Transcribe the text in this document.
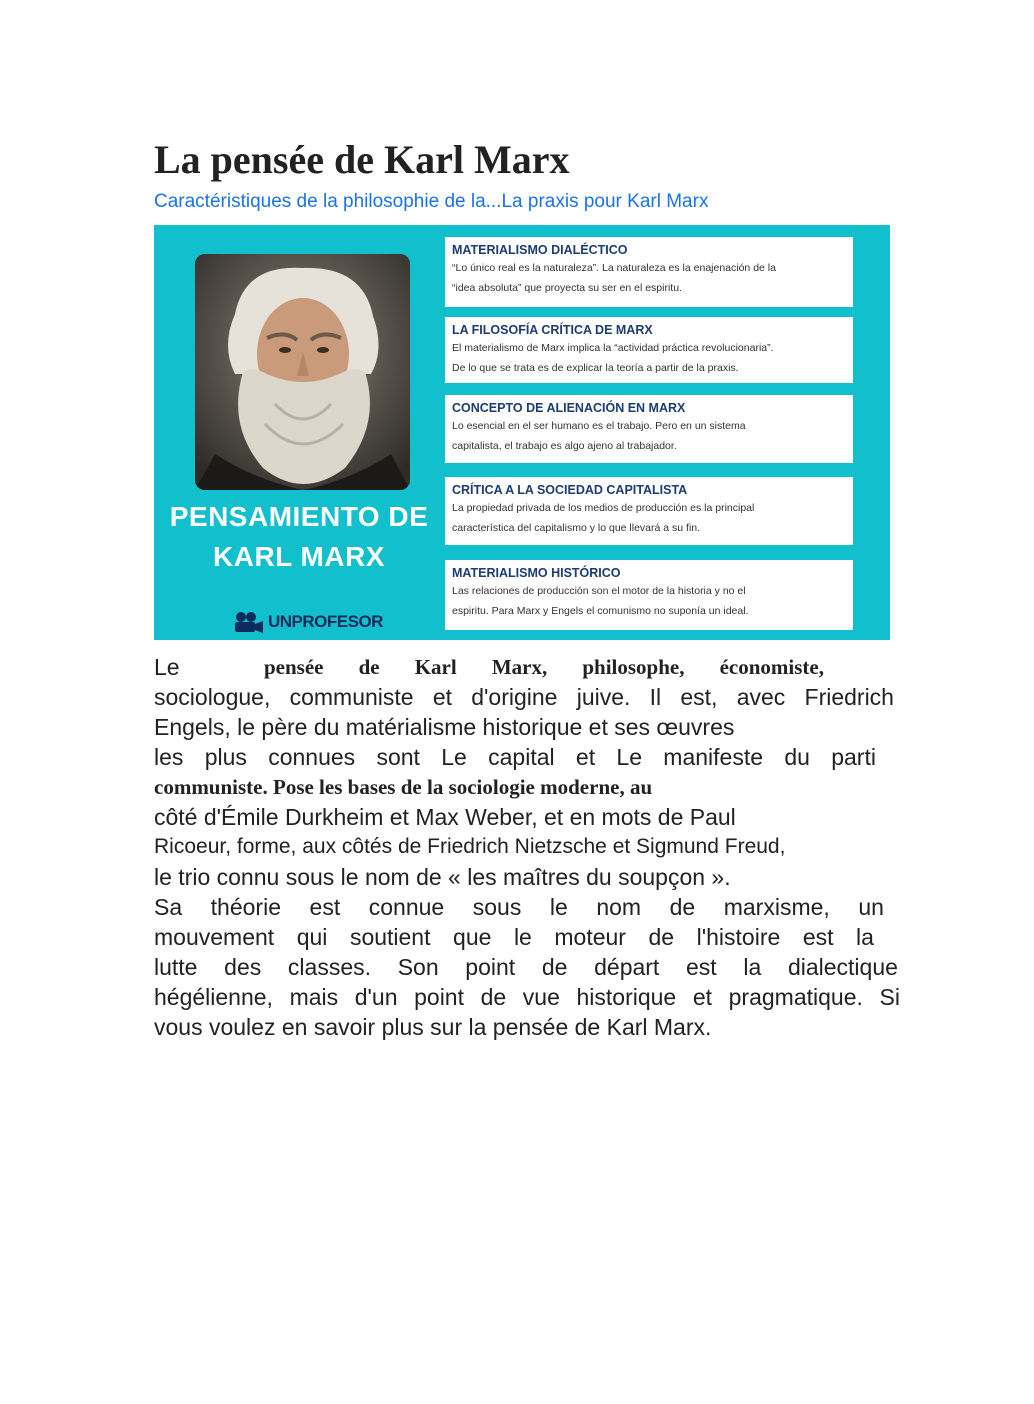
La pensée de Karl Marx
Caractéristiques de la philosophie de la...La praxis pour Karl Marx
PENSAMIENTO DE
KARL MARX
UNPROFESOR
MATERIALISMO DIALÉCTICO
“Lo único real es la naturaleza”. La naturaleza es la enajenación de la
“idea absoluta” que proyecta su ser en el espiritu.
LA FILOSOFÍA CRÍTICA DE MARX
El materialismo de Marx implica la “actividad práctica revolucionaria”.
De lo que se trata es de explicar la teoría a partir de la praxis.
CONCEPTO DE ALIENACIÓN EN MARX
Lo esencial en el ser humano es el trabajo. Pero en un sistema
capitalista, el trabajo es algo ajeno al trabajador.
CRÍTICA A LA SOCIEDAD CAPITALISTA
La propiedad privada de los medios de producción es la principal
característica del capitalismo y lo que llevará a su fin.
MATERIALISMO HISTÓRICO
Las relaciones de producción son el motor de la historia y no el
espiritu. Para Marx y Engels el comunismo no suponía un ideal.
Le	pensée de Karl Marx, philosophe, économiste,
sociologue, communiste et d'origine juive. Il est, avec Friedrich
Engels, le père du matérialisme historique et ses œuvres
les plus connues sont Le capital et Le manifeste du parti
communiste. Pose les bases de la sociologie moderne, au
côté d'Émile Durkheim et Max Weber, et en mots de Paul
Ricoeur, forme, aux côtés de Friedrich Nietzsche et Sigmund Freud,
le trio connu sous le nom de « les maîtres du soupçon ».
Sa théorie est connue sous le nom de marxisme, un
mouvement qui soutient que le moteur de l'histoire est la
lutte des classes. Son point de départ est la dialectique
hégélienne, mais d'un point de vue historique et pragmatique. Si
vous voulez en savoir plus sur la pensée de Karl Marx.
